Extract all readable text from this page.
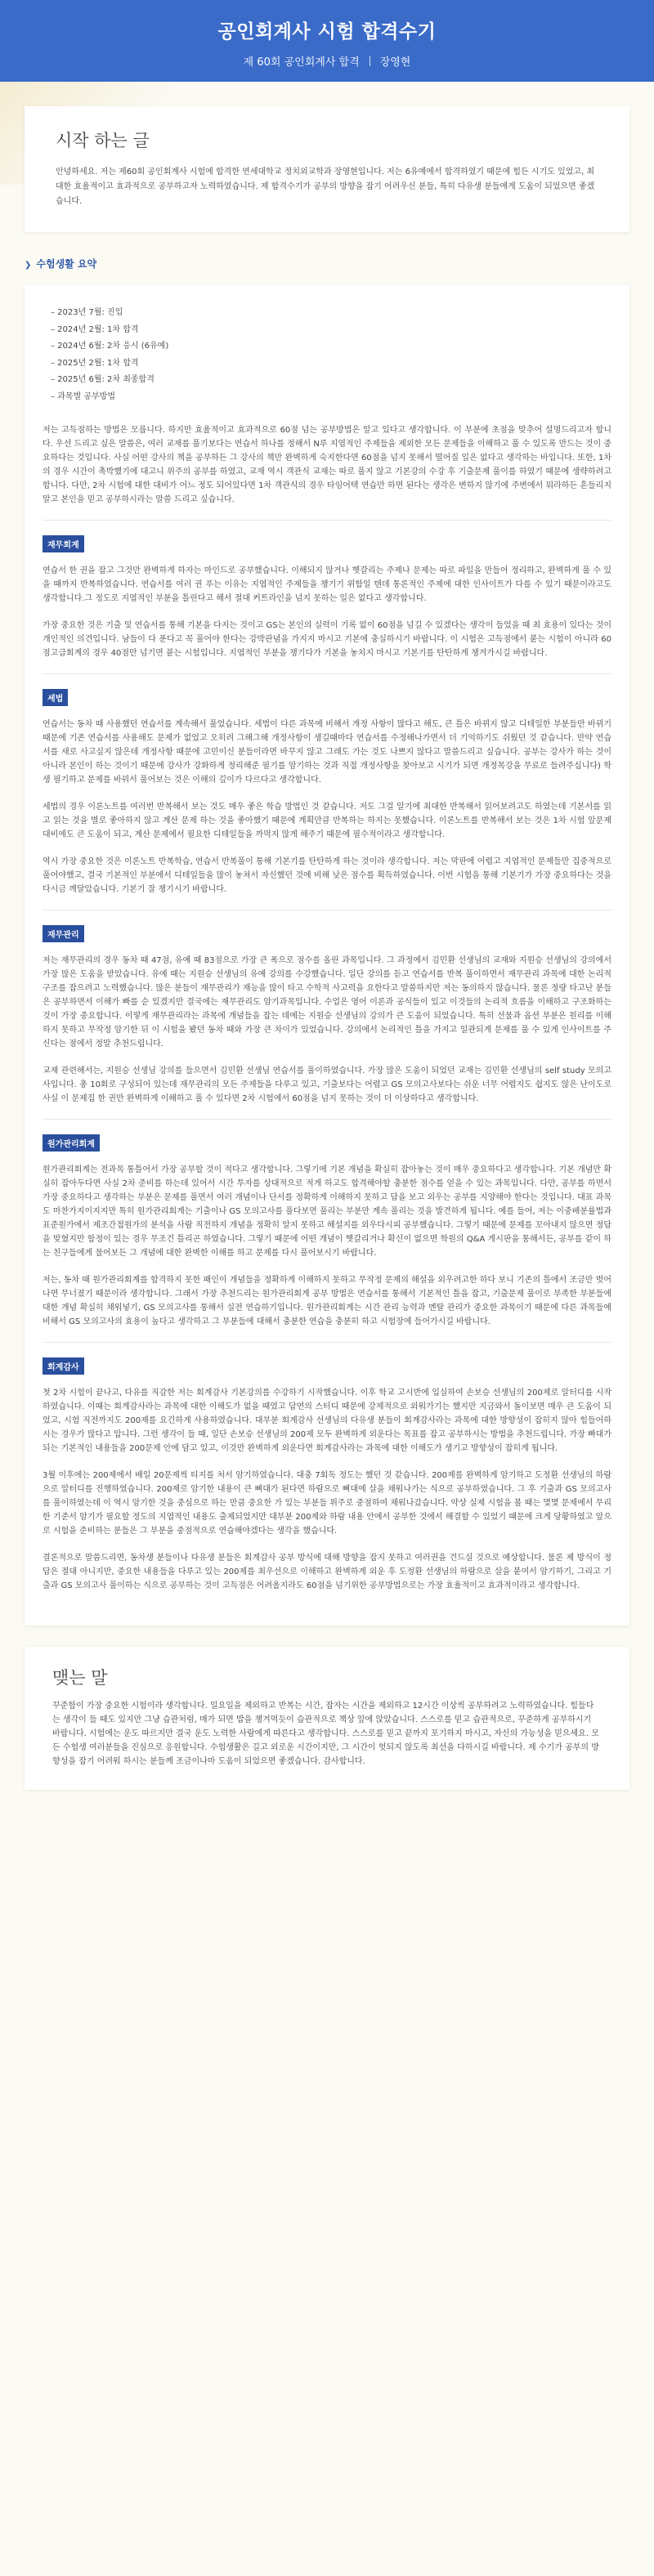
공인회계사 시험 합격수기
제 60회 공인회계사 합격 장영현
시작 하는 글

안녕하세요. 저는 제60회 공인회계사 시험에 합격한 연세대학교 정치외교학과 장영현입니다. 저는 6유예에서 합격하였기 때문에 힘든 시기도 있었고, 최대한 효율적이고 효과적으로 공부하고자 노력하였습니다. 제 합격수기가 공부의 방향을 잡기 어려우신 분들, 특히 다유생 분들에게 도움이 되었으면 좋겠습니다.

❯ 수험생활 요약
– 2023년 7월: 진입
– 2024년 2월: 1차 합격
– 2024년 6월: 2차 응시 (6유예)
– 2025년 2월: 1차 합격
– 2025년 6월: 2차 최종합격
– 과목별 공부방법

저는 고득점하는 방법은 모릅니다. 하지만 효율적이고 효과적으로 60점 넘는 공부방법은 알고 있다고 생각합니다. 이 부분에 초점을 맞추어 설명드리고자 합니다. 우선 드리고 싶은 말씀은, 여러 교재를 풀기보다는 연습서 하나를 정해서 N루 지엽적인 주제들을 제외한 모든 문제들을 이해하고 풀 수 있도록 만드는 것이 중요하다는 것입니다. 사실 어떤 강사의 책을 공부하든 그 강사의 책만 완벽하게 숙지한다면 60점을 넘지 못해서 떨어질 일은 없다고 생각하는 바입니다. 또한, 1차의 경우 시간이 촉박했기에 대고니 위주의 공부를 하였고, 교재 역시 객관식 교재는 따로 풀지 않고 기본강의 수강 후 기출문제 풀이를 하였기 때문에 생략하려고 합니다. 다만, 2차 시험에 대한 대비가 어느 정도 되어있다면 1차 객관식의 경우 타임어택 연습만 하면 된다는 생각은 변하지 않기에 주변에서 뭐라하든 흔들리지 말고 본인을 믿고 공부하시라는 말씀 드리고 싶습니다.

재무회계

연습서 한 권을 잡고 그것만 완벽하게 하자는 마인드로 공부했습니다. 이해되지 않거나 헷갈리는 주제나 문제는 따로 파일을 만들어 정리하고, 완벽하게 풀 수 있을 때까지 반복하였습니다. 연습서를 여러 권 푸는 이유는 지엽적인 주제들을 챙기기 위함일 텐데 통론적인 주제에 대한 인사이트가 다를 수 있기 때문이라고도 생각합니다.그 정도로 지엽적인 부분을 틀린다고 해서 절대 커트라인을 넘지 못하는 일은 없다고 생각합니다.

가장 중요한 것은 기출 및 연습서를 통해 기본을 다지는 것이고 GS는 본인의 실력이 기록 없이 60점을 넘길 수 있겠다는 생각이 들었을 때 최 효용이 있다는 것이 개인적인 의견입니다. 남들이 다 푼다고 꼭 풀어야 한다는 강박관념을 가지지 마시고 기본에 충실하시기 바랍니다. 이 시험은 고득점에서 붙는 시험이 아니라 60점고급회계의 경우 40점만 넘기면 붙는 시험입니다. 지엽적인 부분을 챙기다가 기본을 놓치지 마시고 기본기를 탄탄하게 챙겨가시길 바랍니다.

세법

연습서는 동차 때 사용했던 연습서를 계속해서 풀었습니다. 세법이 다른 과목에 비해서 개정 사항이 많다고 해도, 큰 틀은 바뀌지 않고 디테일한 부분들만 바뀌기 때문에 기존 연습서를 사용해도 문제가 없었고 오히려 그해그해 개정사항이 생길때마다 연습서를 수정해나가면서 더 기억하기도 쉬웠던 것 같습니다. 만약 연습서를 새로 사고싶지 않은데 개정사항 때문에 고민이신 분들이라면 바꾸지 않고 그래도 가는 것도 나쁘지 않다고 말씀드리고 싶습니다. 공부는 강사가 하는 것이 아니라 본인이 하는 것이기 때문에 강사가 강화하게 정리해준 필기를 암기하는 것과 직접 개정사항을 찾아보고 시기가 되면 개정목강을 무료로 들려주십니다) 학생 필기하고 문제를 바꿔서 풀어보는 것은 이해의 깊이가 다르다고 생각합니다.

세법의 경우 이론노트를 여러번 반복해서 보는 것도 매우 좋은 학습 방법인 것 같습니다. 저도 그걸 알기에 최대한 반복해서 읽어보려고도 하였는데 기본서를 읽고 읽는 것을 별로 좋아하지 않고 계산 문제 하는 것을 좋아했기 때문에 계획만큼 반복하는 하지는 못했습니다. 이론노트를 반복해서 보는 것은 1차 시험 앞문제 대비에도 큰 도움이 되고, 계산 문제에서 필요한 디테일들을 까먹지 않게 해주기 때문에 필수적이라고 생각합니다.

역시 가장 중요한 것은 이론노트 반복학습, 연습서 반복풀이 통해 기본기를 탄탄하게 하는 것이라 생각합니다. 저는 막판에 어렵고 지엽적인 문제들만 집중적으로 풀어야했고, 결국 기본적인 부분에서 디테일들을 많이 놓쳐서 자신했던 것에 비해 낮은 점수를 획득하였습니다. 이번 시험을 통해 기본기가 가장 중요하다는 것을 다시금 깨달았습니다. 기본기 잘 챙기시기 바랍니다.

재무관리

저는 재무관리의 경우 동차 때 47점, 유예 때 83점으로 가장 큰 폭으로 점수를 올린 과목입니다. 그 과정에서 김민환 선생님의 교재와 지원승 선생님의 강의에서 가장 많은 도움을 받았습니다. 유예 때는 지원승 선생님의 유예 강의를 수강했습니다. 일단 강의를 듣고 연습서를 반복 풀이하면서 재무관리 과목에 대한 논리적 구조를 잡으려고 노력했습니다. 많은 분들이 재무관리가 재능을 많이 타고 수학적 사고력을 요한다고 말씀하지만 저는 동의하지 않습니다. 물론 정량 타고난 분들은 공부하면서 이해가 빠를 순 있겠지만 결국에는 재무관리도 암기과목입니다. 수업은 영어 이론과 공식들이 있고 이것들의 논리적 흐름을 이해하고 구조화하는 것이 가장 중요합니다. 이렇게 재무관리라는 과목에 개념들을 잡는 데에는 지원승 선생님의 강의가 큰 도움이 되었습니다. 특히 선물과 옵션 부분은 원리를 이해하지 못하고 무작정 암기한 뒤 이 시험을 봤던 동차 때와 가장 큰 차이가 있었습니다. 강의에서 논리적인 틀을 가지고 일관되게 문제를 풀 수 있게 인사이트를 주신다는 점에서 정말 추천드립니다.

교재 관련해서는, 지원승 선생님 강의를 들으면서 김민환 선생님 연습서를 풀이하였습니다. 가장 많은 도움이 되었던 교재는 김민환 선생님의 self study 모의고사입니다. 총 10회로 구성되어 있는데 재무관리의 모든 주제들을 다루고 있고, 기출보다는 어렵고 GS 모의고사보다는 쉬운 너무 어렵지도 쉽지도 않은 난이도로 사실 이 문제집 한 권만 완벽하게 이해하고 풀 수 있다면 2차 시험에서 60점을 넘지 못하는 것이 더 이상하다고 생각합니다.

원가관리회계

원가관리회계는 전과목 통틀어서 가장 공부할 것이 적다고 생각합니다. 그렇기에 기본 개념을 확실히 잡아놓는 것이 매우 중요하다고 생각합니다. 기본 개념만 확실히 잡아두다면 사실 2차 준비를 하는데 있어서 시간 투자를 상대적으로 적게 하고도 합격해야할 충분한 점수를 얻을 수 있는 과목입니다. 다만, 공부를 하면서 가장 중요하다고 생각하는 부분은 문제를 풀면서 여러 개념이나 단서를 정확하게 이해하지 못하고 답을 보고 외우는 공부를 지양해야 한다는 것입니다. 대표 과목도 마찬가지이지지만 특히 원가관리회계는 기출이나 GS 모의고사를 풀다보면 풀리는 부분만 계속 풀리는 것을 발견하게 됩니다. 예를 들어, 저는 이중배분률법과 표준원가에서 제조간접원가의 분석을 사람 직전하지 개념을 정확히 알지 못하고 해설지를 외우다시피 공부했습니다. 그렇기 때문에 문제를 꼬아내지 않으면 정답을 맞혔지만 함정이 있는 경우 무조건 틀리곤 하였습니다. 그렇기 때문에 어떤 개념이 헷갈리거나 확신이 없으면 학원의 Q&A 게시판을 통해서든, 공부를 같이 하는 친구들에게 물어보든 그 개념에 대한 완벽한 이해를 하고 문제를 다시 풀어보시기 바랍니다.

저는, 동차 때 원가관리회계를 합격하지 못한 패인이 개념들을 정확하게 이해하지 못하고 무작정 문제의 해설을 외우려고한 하다 보니 기존의 틀에서 조금만 벗어나면 무너졌기 때문이라 생각합니다. 그래서 가장 추천드리는 원가관리회계 공부 방법은 연습서를 통해서 기본적인 틀을 잡고, 기출문제 풀이로 부족한 부분들에 대한 개념 확실히 채워넣기, GS 모의고사를 통해서 실전 연습하기입니다. 원가관리회계는 시간 관리 능력과 멘탈 관리가 중요한 과목이기 때문에 다른 과목들에 비해서 GS 모의고사의 효용이 높다고 생각하고 그 부분들에 대해서 충분한 연습을 충분히 하고 시험장에 들어가시길 바랍니다.

회계감사

첫 2차 시험이 끝나고, 다유를 직감한 저는 회계감사 기본강의를 수강하기 시작했습니다. 이후 학교 고시반에 입실하여 손보승 선생님의 200제로 알터디를 시작하였습니다. 이때는 회계감사라는 과목에 대한 이해도가 없을 때였고 답연의 스터디 때문에 강제적으로 외워가기는 했지만 지금와서 돌이보면 매우 큰 도움이 되었고, 시험 직전까지도 200제를 요긴하게 사용하였습니다. 대부분 회계감사 선생님의 다유생 분들이 회계감사라는 과목에 대한 방향성이 잡히지 않아 힘들어하시는 경우가 많다고 압니다. 그런 생각이 들 때, 일단 손보승 선생님의 200제 모두 완벽하게 외운다는 목표를 잡고 공부하시는 방법을 추천드립니다. 가장 빠대가 되는 기본적인 내용들을 200문제 안에 담고 있고, 이것만 완벽하게 외운다면 회계감사라는 과목에 대한 이해도가 생기고 방향성이 잡히게 됩니다.

3월 이후에는 200제에서 배일 20문제씩 티지를 처서 암기하였습니다. 대충 7회독 정도는 했던 것 같습니다. 200제를 완벽하게 암기하고 도정환 선생님의 하람으로 알터디를 진행하였습니다. 200제로 암기한 내용이 큰 뼈대가 된다면 하람으로 뼈대에 살을 채워나가는 식으로 공부하였습니다. 그 후 기출과 GS 모의고사를 풀이하였는데 이 역시 암기한 것을 중심으로 하는 만큼 중요한 가 있는 부분들 위주로 중점하여 채워나갔습니다. 약상 실제 시험을 볼 때는 몇몇 문제에서 무리한 기준서 암기가 필요할 정도의 지엽적인 내용도 출제되었지만 대부분 200제와 하람 내용 안에서 공부한 것에서 해결할 수 있었기 때문에 크게 당황하였고 앞으로 시험을 준비하는 분들은 그 부분을 중점적으로 연습해야겠다는 생각을 했습니다.

결론적으로 말씀드리면, 동차생 분들이나 다유생 분들은 회계감사 공부 방식에 대해 방향을 잡지 못하고 여러권을 건드실 것으로 예상합니다. 물론 제 방식이 정답은 절대 아니지만, 중요한 내용들을 다루고 있는 200제를 최우선으로 이해하고 완벽하게 외운 후 도정환 선생님의 하람으로 살을 붙여서 암기하기, 그리고 기출과 GS 모의고사 풀이하는 식으로 공부하는 것이 고득점은 어려울지라도 60점을 넘기위한 공부방법으로는 가장 효율적이고 효과적이라고 생각합니다.

맺는 말

꾸준함이 가장 중요한 시험이라 생각합니다. 일요일을 제외하고 반복는 시간, 잡자는 시간을 제외하고 12시간 이상씩 공부하려고 노력하였습니다. 힘들다는 생각이 들 때도 있지만 그냥 습관처럼, 매가 되면 밥을 챙겨먹듯이 습관적으로 책상 앞에 앉았습니다. 스스로를 믿고 습관적으로, 꾸준하게 공부하시기 바랍니다. 시험에는 운도 따르지만 결국 운도 노력한 사람에게 따른다고 생각합니다. 스스로를 믿고 끝까지 포기하지 마시고, 자신의 가능성을 믿으세요. 모든 수험생 여러분들을 진심으로 응원합니다. 수험생활은 길고 외로운 시간이지만, 그 시간이 헛되지 않도록 최선을 다하시길 바랍니다. 제 수기가 공부의 방향성을 잡기 어려워 하시는 분들께 조금이나마 도움이 되었으면 좋겠습니다. 감사합니다.
